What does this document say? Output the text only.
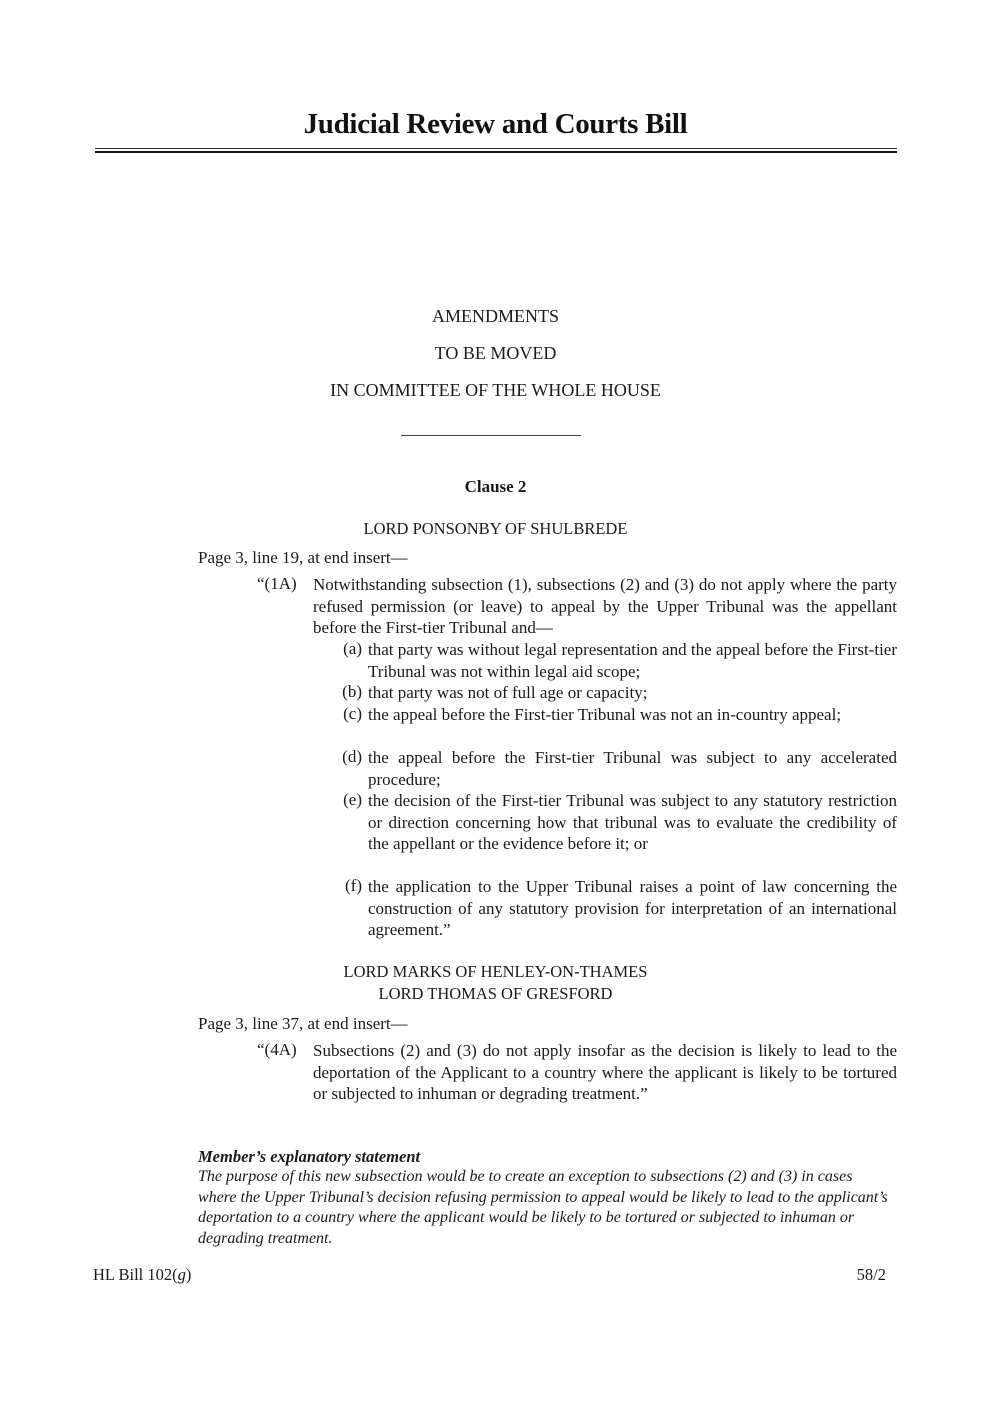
Judicial Review and Courts Bill
AMENDMENTS
TO BE MOVED
IN COMMITTEE OF THE WHOLE HOUSE
Clause 2
LORD PONSONBY OF SHULBREDE
Page 3, line 19, at end insert—
“(1A) Notwithstanding subsection (1), subsections (2) and (3) do not apply where the party refused permission (or leave) to appeal by the Upper Tribunal was the appellant before the First-tier Tribunal and—
(a) that party was without legal representation and the appeal before the First-tier Tribunal was not within legal aid scope;
(b) that party was not of full age or capacity;
(c) the appeal before the First-tier Tribunal was not an in-country appeal;
(d) the appeal before the First-tier Tribunal was subject to any accelerated procedure;
(e) the decision of the First-tier Tribunal was subject to any statutory restriction or direction concerning how that tribunal was to evaluate the credibility of the appellant or the evidence before it; or
(f) the application to the Upper Tribunal raises a point of law concerning the construction of any statutory provision for interpretation of an international agreement.”
LORD MARKS OF HENLEY-ON-THAMES
LORD THOMAS OF GRESFORD
Page 3, line 37, at end insert—
“(4A) Subsections (2) and (3) do not apply insofar as the decision is likely to lead to the deportation of the Applicant to a country where the applicant is likely to be tortured or subjected to inhuman or degrading treatment.”
Member’s explanatory statement
The purpose of this new subsection would be to create an exception to subsections (2) and (3) in cases where the Upper Tribunal’s decision refusing permission to appeal would be likely to lead to the applicant’s deportation to a country where the applicant would be likely to be tortured or subjected to inhuman or degrading treatment.
HL Bill 102(g)	58/2
